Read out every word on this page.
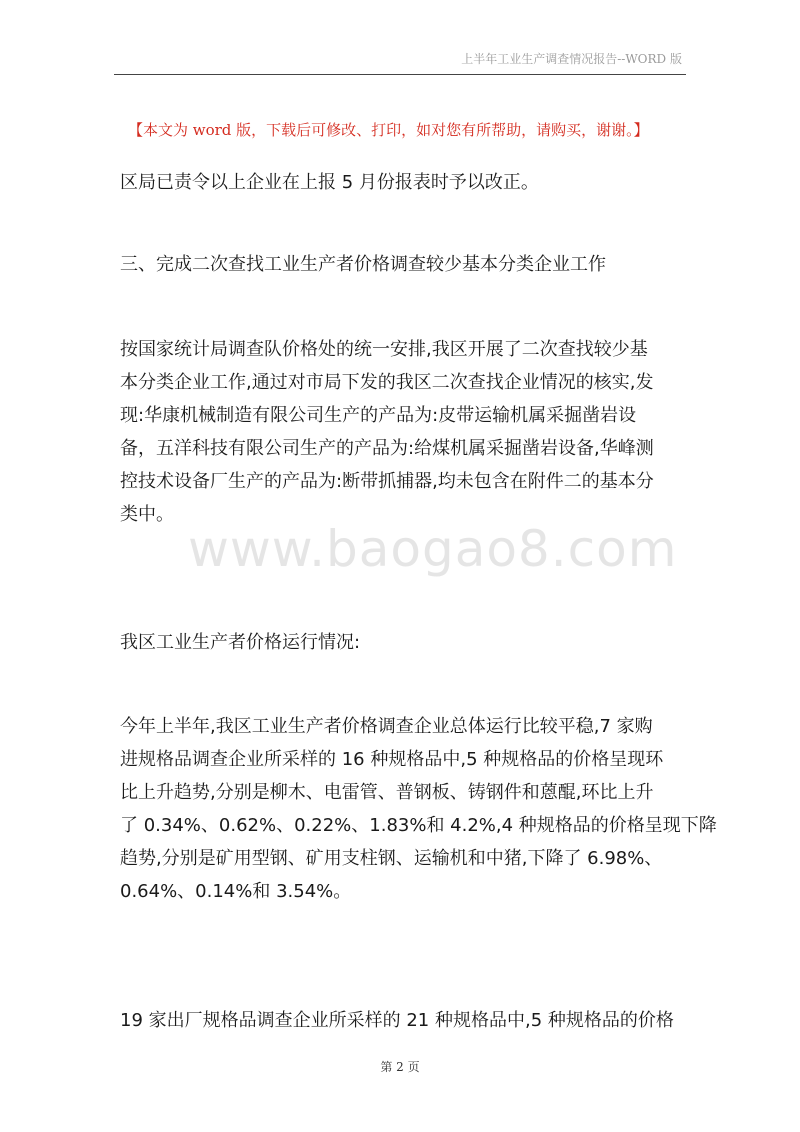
上半年工业生产调查情况报告--WORD 版
【本文为 word 版，下载后可修改、打印，如对您有所帮助，请购买，谢谢。】
区局已责令以上企业在上报 5 月份报表时予以改正。
三、完成二次查找工业生产者价格调查较少基本分类企业工作
按国家统计局调查队价格处的统一安排,我区开展了二次查找较少基
本分类企业工作,通过对市局下发的我区二次查找企业情况的核实,发
现:华康机械制造有限公司生产的产品为:皮带运输机属采掘凿岩设
备，五洋科技有限公司生产的产品为:给煤机属采掘凿岩设备,华峰测
控技术设备厂生产的产品为:断带抓捕器,均未包含在附件二的基本分
类中。
www.baogao8.com
我区工业生产者价格运行情况:
今年上半年,我区工业生产者价格调查企业总体运行比较平稳,7 家购
进规格品调查企业所采样的 16 种规格品中,5 种规格品的价格呈现环
比上升趋势,分别是柳木、电雷管、普钢板、铸钢件和蒽醌,环比上升
了 0.34%、0.62%、0.22%、1.83%和 4.2%,4 种规格品的价格呈现下降
趋势,分别是矿用型钢、矿用支柱钢、运输机和中猪,下降了 6.98%、
0.64%、0.14%和 3.54%。
19 家出厂规格品调查企业所采样的 21 种规格品中,5 种规格品的价格
第 2 页
